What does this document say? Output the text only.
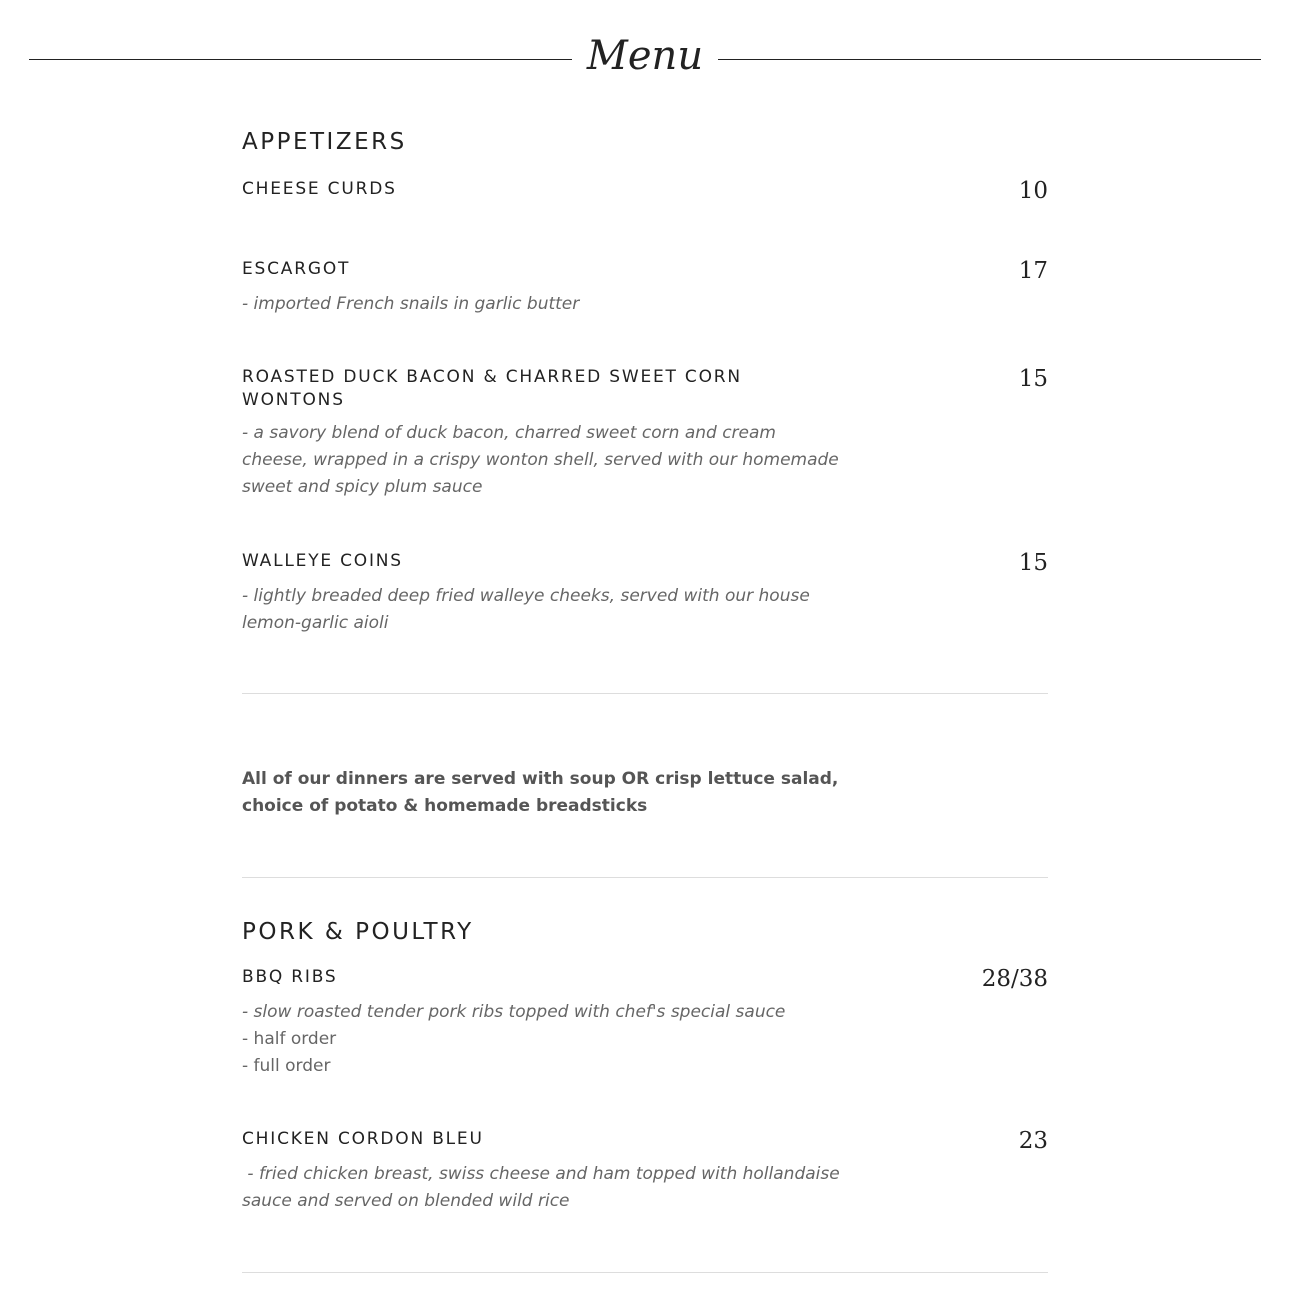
Menu
APPETIZERS
CHEESE CURDS	10
ESCARGOT	17
- imported French snails in garlic butter
ROASTED DUCK BACON & CHARRED SWEET CORN WONTONS
15
- a savory blend of duck bacon, charred sweet corn and cream cheese, wrapped in a crispy wonton shell, served with our homemade sweet and spicy plum sauce
WALLEYE COINS	15
- lightly breaded deep fried walleye cheeks, served with our house lemon-garlic aioli
All of our dinners are served with soup OR crisp lettuce salad, choice of potato & homemade breadsticks
PORK & POULTRY
BBQ RIBS	28/38
- slow roasted tender pork ribs topped with chef's special sauce
- half order
- full order
CHICKEN CORDON BLEU	23
- fried chicken breast, swiss cheese and ham topped with hollandaise sauce and served on blended wild rice
